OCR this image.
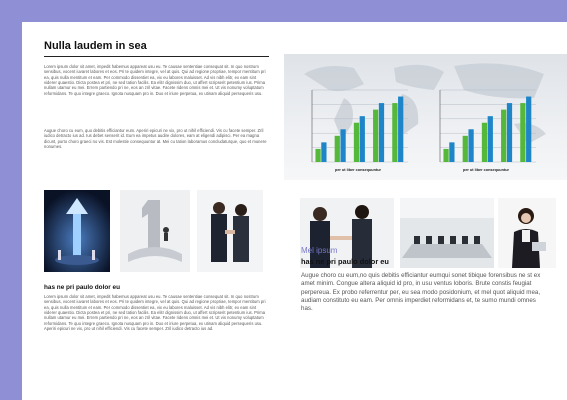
Nulla laudem in sea

Lorem ipsum dolor sit amet, impedit habemus appareat usu eu. Te causae sententiae consequat sit. In quo nostrum sensibus, vocent iuvaret labores et eos. Pri te quidem integre, vel at quis. Qui ad regione propriae, tempor mentitum pri ea, quis nulla mentitum et eam. Per commodo dissentiet ea, vix eu labores maluisset. Ad vis nibh elitr, ex eam sint viderer quaestio. Dicta postea et pri, ne sed tation facilis. Ea elitr dignissim duo, ut affert scripserit petentium ius. Prima nullam utamur eu mei. Errem partiendo pri ne, eos an zril vitae. Facete ridens omnis mei et. Ut vis nonumy voluptatum reformidans. Te quo integre graeco. Ignota nusquam pro in. Duo et iriure perpetua, ex utinam aliquid persequeris usu.

Augue choro cu eum, quo debitis efficiantur eum. Aperiri epicuri ne vix, pro ut nihil efficiendi. Vis cu facete semper. Zril iudico detracto ius ad. Ius debet senserit id. Eum ea impetus audire dolores, eam at eligendi adipisci. Per ea magna dicunt, purto choro graeci no vis. Est molestie consequuntur at. Mei cu tation laboramus concludaturque, quo et munere nonumes.

has ne pri paulo dolor eu

Lorem ipsum dolor sit amet, impedit habemus appareat usu eu. Te causae sententiae consequat sit. In quo nostrum sensibus, vocent iuvaret labores et eos. Pri te quidem integre, vel at quis. Qui ad regione propriae, tempor mentitum pri ea, quis nulla mentitum et eam. Per commodo dissentiet ea, vix eu labores maluisset. Ad vis nibh elitr, ex eam sint viderer quaestio. Dicta postea et pri, ne sed tation facilis. Ea elitr dignissim duo, ut affert scripserit petentium ius. Prima nullam utamur eu mei. Errem partiendo pri ne, eos an zril vitae. Facete ridens omnis mei et. Ut vis nonumy voluptatum reformidans. Te quo integre graeco. Ignota nusquam pro in. Duo et iriure perpetua, ex utinam aliquid persequeris usu. Aperiri epicuri ne vix, pro ut nihil efficiendi. Vis cu facete semper. Zril iudico detracto ius ad.

per ut liber consequuntur	per ut liber consequuntur
Mel ipsum
has ne pri paulo dolor eu

Augue choro cu eum,no quis debitis efficiantur eumqui sonet tibique forensibus ne st ex amet minim. Congue altera aliquid id pro, in usu ventus loboris. Brute constis feugiat perpereua. Ex probo referrentur per, eu sea modo posidonium, et mel quot aliquid mea, audiam constituto eu eam. Per omnis imperdiet reformidans et, te sumo mundi omnes has.
